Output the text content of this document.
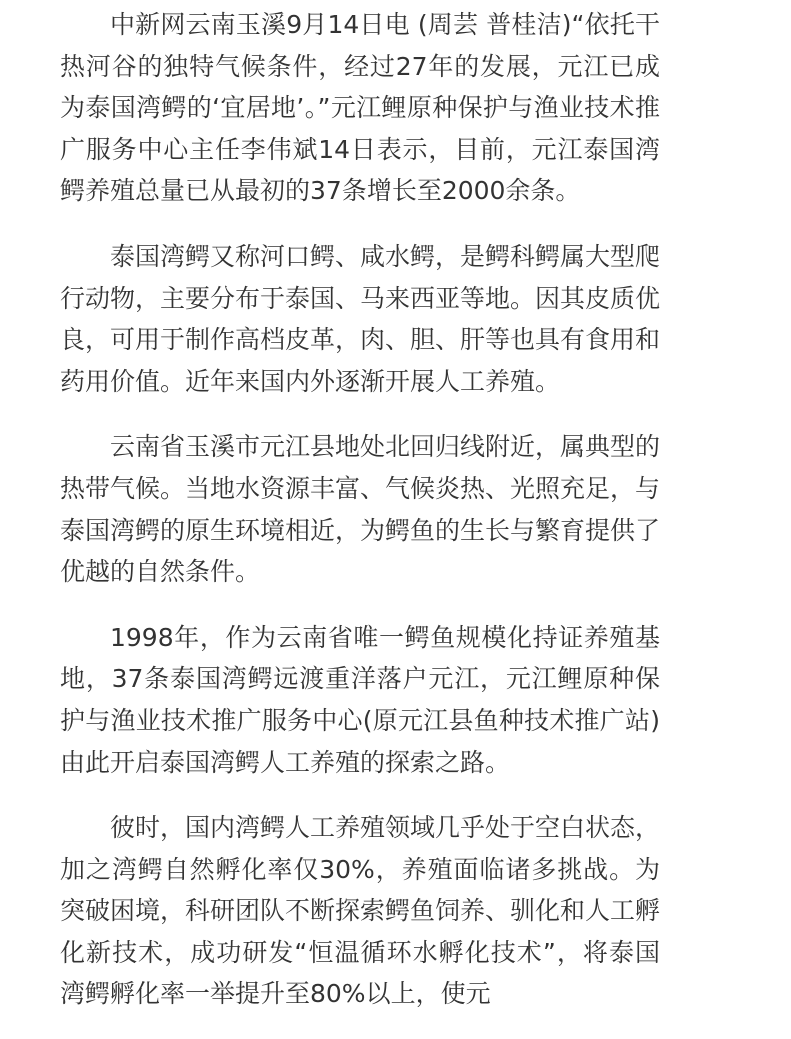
中新网云南玉溪9月14日电 (周芸 普桂洁)“依托干热河谷的独特气候条件，经过27年的发展，元江已成为泰国湾鳄的‘宜居地’。”元江鲤原种保护与渔业技术推广服务中心主任李伟斌14日表示，目前，元江泰国湾鳄养殖总量已从最初的37条增长至2000余条。

泰国湾鳄又称河口鳄、咸水鳄，是鳄科鳄属大型爬行动物，主要分布于泰国、马来西亚等地。因其皮质优良，可用于制作高档皮革，肉、胆、肝等也具有食用和药用价值。近年来国内外逐渐开展人工养殖。

云南省玉溪市元江县地处北回归线附近，属典型的热带气候。当地水资源丰富、气候炎热、光照充足，与泰国湾鳄的原生环境相近，为鳄鱼的生长与繁育提供了优越的自然条件。

1998年，作为云南省唯一鳄鱼规模化持证养殖基地，37条泰国湾鳄远渡重洋落户元江，元江鲤原种保护与渔业技术推广服务中心(原元江县鱼种技术推广站)由此开启泰国湾鳄人工养殖的探索之路。

彼时，国内湾鳄人工养殖领域几乎处于空白状态，加之湾鳄自然孵化率仅30%，养殖面临诸多挑战。为突破困境，科研团队不断探索鳄鱼饲养、驯化和人工孵化新技术，成功研发“恒温循环水孵化技术”，将泰国湾鳄孵化率一举提升至80%以上，使元
